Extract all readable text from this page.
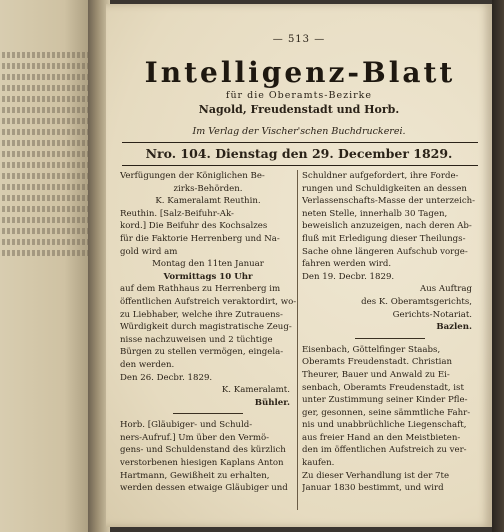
— 513 —
Intelligenz-Blatt
für die Oberamts-Bezirke
Nagold, Freudenstadt und Horb.
Im Verlag der Vischer'schen Buchdruckerei.
Nro. 104. Dienstag den 29. December 1829.
Verfügungen der Königlichen Be-
zirks-Behörden.
K. Kameralamt Reuthin.
Reuthin. [Salz-Beifuhr-Ak-
kord.] Die Beifuhr des Kochsalzes
für die Faktorie Herrenberg und Na-
gold wird am
Montag den 11ten Januar
Vormittags 10 Uhr
auf dem Rathhaus zu Herrenberg im
öffentlichen Aufstreich veraktordirt, wo-
zu Liebhaber, welche ihre Zutrauens-
Würdigkeit durch magistratische Zeug-
nisse nachzuweisen und 2 tüchtige
Bürgen zu stellen vermögen, eingela-
den werden.
Den 26. Decbr. 1829.
K. Kameralamt.
Bühler.
Horb. [Gläubiger- und Schuld-
ners-Aufruf.] Um über den Vermö-
gens- und Schuldenstand des kürzlich
verstorbenen hiesigen Kaplans Anton
Hartmann, Gewißheit zu erhalten,
werden dessen etwaige Gläubiger und
Schuldner aufgefordert, ihre Forde-
rungen und Schuldigkeiten an dessen
Verlassenschafts-Masse der unterzeich-
neten Stelle, innerhalb 30 Tagen,
beweislich anzuzeigen, nach deren Ab-
fluß mit Erledigung dieser Theilungs-
Sache ohne längeren Aufschub vorge-
fahren werden wird.
Den 19. Decbr. 1829.
Aus Auftrag
des K. Oberamtsgerichts,
Gerichts-Notariat.
Bazlen.
Eisenbach, Göttelfinger Staabs,
Oberamts Freudenstadt. Christian
Theurer, Bauer und Anwald zu Ei-
senbach, Oberamts Freudenstadt, ist
unter Zustimmung seiner Kinder Pfle-
ger, gesonnen, seine sämmtliche Fahr-
nis und unabbrüchliche Liegenschaft,
aus freier Hand an den Meistbieten-
den im öffentlichen Aufstreich zu ver-
kaufen.
Zu dieser Verhandlung ist der 7te
Januar 1830 bestimmt, und wird
